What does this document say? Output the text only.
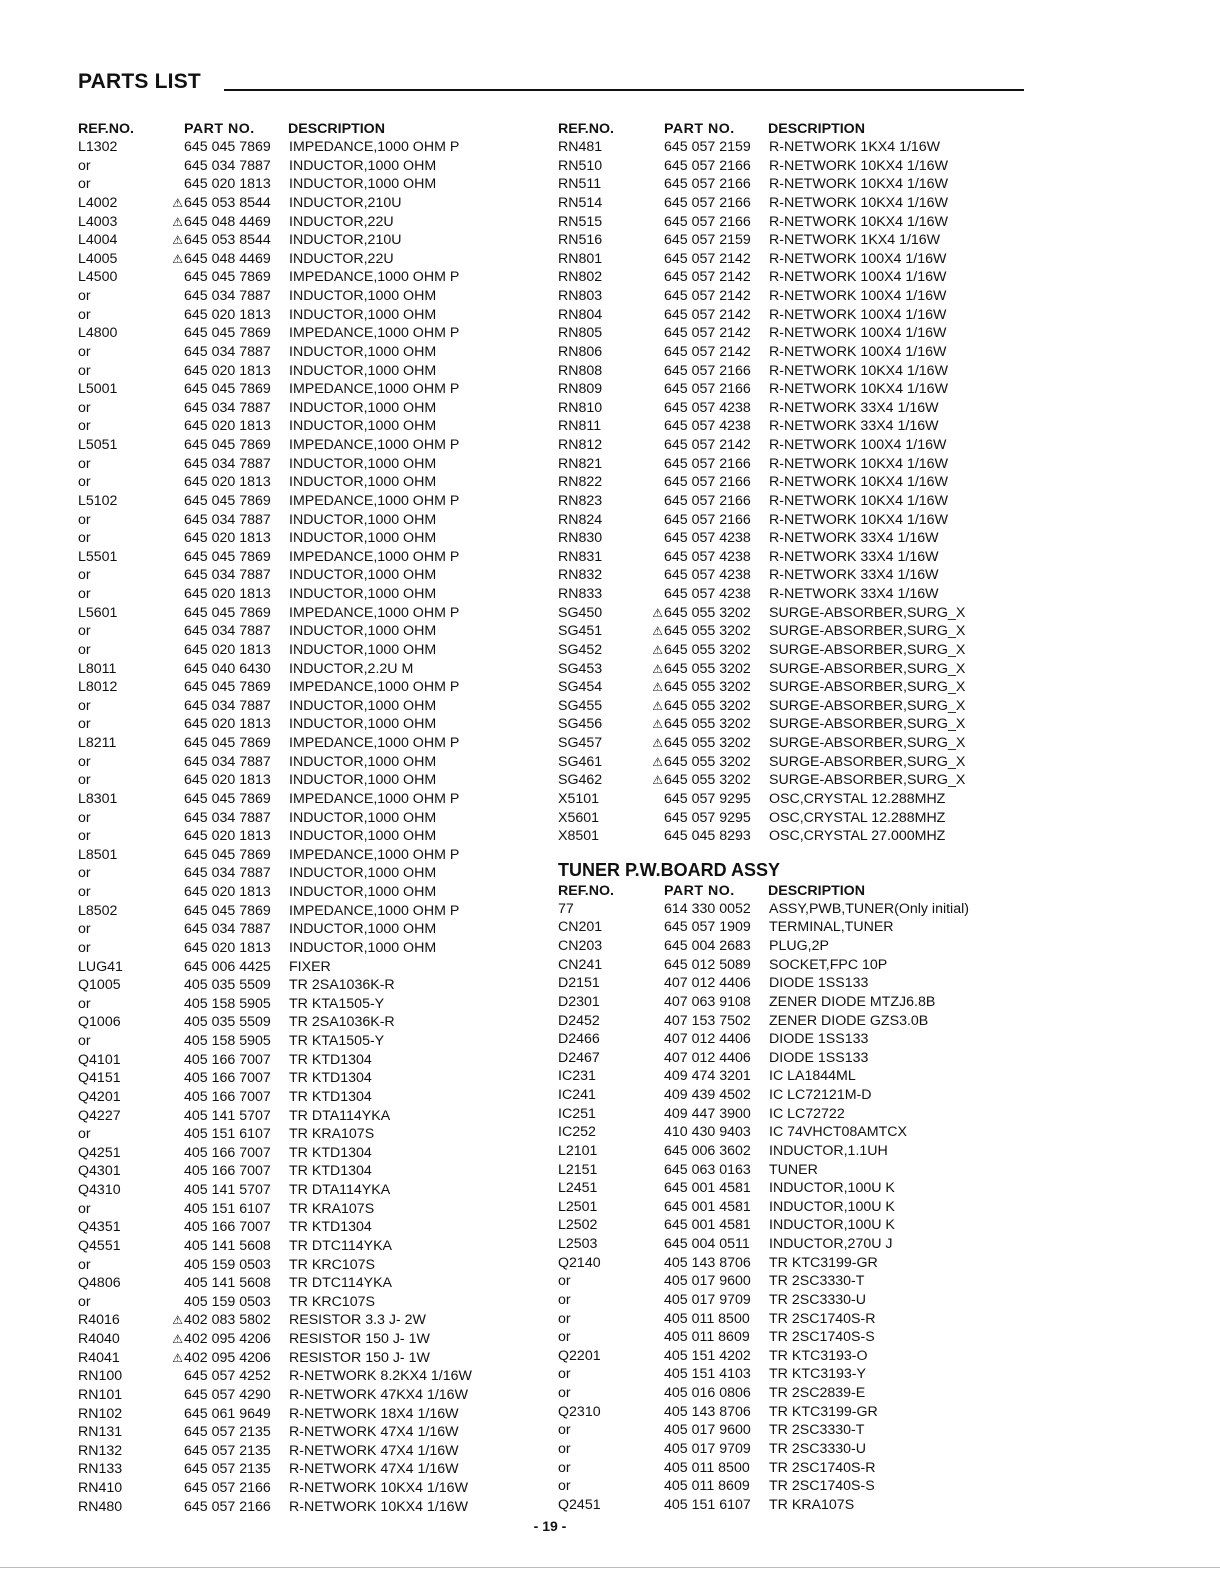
PARTS LIST
REF.NO.	PART NO.	DESCRIPTION
L1302	645 045 7869	IMPEDANCE,1000 OHM P
or	645 034 7887	INDUCTOR,1000 OHM
or	645 020 1813	INDUCTOR,1000 OHM
L4002	⚠ 645 053 8544	INDUCTOR,210U
L4003	⚠ 645 048 4469	INDUCTOR,22U
L4004	⚠ 645 053 8544	INDUCTOR,210U
L4005	⚠ 645 048 4469	INDUCTOR,22U
L4500	645 045 7869	IMPEDANCE,1000 OHM P
or	645 034 7887	INDUCTOR,1000 OHM
or	645 020 1813	INDUCTOR,1000 OHM
L4800	645 045 7869	IMPEDANCE,1000 OHM P
or	645 034 7887	INDUCTOR,1000 OHM
or	645 020 1813	INDUCTOR,1000 OHM
L5001	645 045 7869	IMPEDANCE,1000 OHM P
or	645 034 7887	INDUCTOR,1000 OHM
or	645 020 1813	INDUCTOR,1000 OHM
L5051	645 045 7869	IMPEDANCE,1000 OHM P
or	645 034 7887	INDUCTOR,1000 OHM
or	645 020 1813	INDUCTOR,1000 OHM
L5102	645 045 7869	IMPEDANCE,1000 OHM P
or	645 034 7887	INDUCTOR,1000 OHM
or	645 020 1813	INDUCTOR,1000 OHM
L5501	645 045 7869	IMPEDANCE,1000 OHM P
or	645 034 7887	INDUCTOR,1000 OHM
or	645 020 1813	INDUCTOR,1000 OHM
L5601	645 045 7869	IMPEDANCE,1000 OHM P
or	645 034 7887	INDUCTOR,1000 OHM
or	645 020 1813	INDUCTOR,1000 OHM
L8011	645 040 6430	INDUCTOR,2.2U M
L8012	645 045 7869	IMPEDANCE,1000 OHM P
or	645 034 7887	INDUCTOR,1000 OHM
or	645 020 1813	INDUCTOR,1000 OHM
L8211	645 045 7869	IMPEDANCE,1000 OHM P
or	645 034 7887	INDUCTOR,1000 OHM
or	645 020 1813	INDUCTOR,1000 OHM
L8301	645 045 7869	IMPEDANCE,1000 OHM P
or	645 034 7887	INDUCTOR,1000 OHM
or	645 020 1813	INDUCTOR,1000 OHM
L8501	645 045 7869	IMPEDANCE,1000 OHM P
or	645 034 7887	INDUCTOR,1000 OHM
or	645 020 1813	INDUCTOR,1000 OHM
L8502	645 045 7869	IMPEDANCE,1000 OHM P
or	645 034 7887	INDUCTOR,1000 OHM
or	645 020 1813	INDUCTOR,1000 OHM
LUG41	645 006 4425	FIXER
Q1005	405 035 5509	TR 2SA1036K-R
or	405 158 5905	TR KTA1505-Y
Q1006	405 035 5509	TR 2SA1036K-R
or	405 158 5905	TR KTA1505-Y
Q4101	405 166 7007	TR KTD1304
Q4151	405 166 7007	TR KTD1304
Q4201	405 166 7007	TR KTD1304
Q4227	405 141 5707	TR DTA114YKA
or	405 151 6107	TR KRA107S
Q4251	405 166 7007	TR KTD1304
Q4301	405 166 7007	TR KTD1304
Q4310	405 141 5707	TR DTA114YKA
or	405 151 6107	TR KRA107S
Q4351	405 166 7007	TR KTD1304
Q4551	405 141 5608	TR DTC114YKA
or	405 159 0503	TR KRC107S
Q4806	405 141 5608	TR DTC114YKA
or	405 159 0503	TR KRC107S
R4016	⚠ 402 083 5802	RESISTOR 3.3 J- 2W
R4040	⚠ 402 095 4206	RESISTOR 150 J- 1W
R4041	⚠ 402 095 4206	RESISTOR 150 J- 1W
RN100	645 057 4252	R-NETWORK 8.2KX4 1/16W
RN101	645 057 4290	R-NETWORK 47KX4 1/16W
RN102	645 061 9649	R-NETWORK 18X4 1/16W
RN131	645 057 2135	R-NETWORK 47X4 1/16W
RN132	645 057 2135	R-NETWORK 47X4 1/16W
RN133	645 057 2135	R-NETWORK 47X4 1/16W
RN410	645 057 2166	R-NETWORK 10KX4 1/16W
RN480	645 057 2166	R-NETWORK 10KX4 1/16W
REF.NO.	PART NO.	DESCRIPTION
RN481	645 057 2159	R-NETWORK 1KX4 1/16W
RN510	645 057 2166	R-NETWORK 10KX4 1/16W
RN511	645 057 2166	R-NETWORK 10KX4 1/16W
RN514	645 057 2166	R-NETWORK 10KX4 1/16W
RN515	645 057 2166	R-NETWORK 10KX4 1/16W
RN516	645 057 2159	R-NETWORK 1KX4 1/16W
RN801	645 057 2142	R-NETWORK 100X4 1/16W
RN802	645 057 2142	R-NETWORK 100X4 1/16W
RN803	645 057 2142	R-NETWORK 100X4 1/16W
RN804	645 057 2142	R-NETWORK 100X4 1/16W
RN805	645 057 2142	R-NETWORK 100X4 1/16W
RN806	645 057 2142	R-NETWORK 100X4 1/16W
RN808	645 057 2166	R-NETWORK 10KX4 1/16W
RN809	645 057 2166	R-NETWORK 10KX4 1/16W
RN810	645 057 4238	R-NETWORK 33X4 1/16W
RN811	645 057 4238	R-NETWORK 33X4 1/16W
RN812	645 057 2142	R-NETWORK 100X4 1/16W
RN821	645 057 2166	R-NETWORK 10KX4 1/16W
RN822	645 057 2166	R-NETWORK 10KX4 1/16W
RN823	645 057 2166	R-NETWORK 10KX4 1/16W
RN824	645 057 2166	R-NETWORK 10KX4 1/16W
RN830	645 057 4238	R-NETWORK 33X4 1/16W
RN831	645 057 4238	R-NETWORK 33X4 1/16W
RN832	645 057 4238	R-NETWORK 33X4 1/16W
RN833	645 057 4238	R-NETWORK 33X4 1/16W
SG450	⚠ 645 055 3202	SURGE-ABSORBER,SURG_X
SG451	⚠ 645 055 3202	SURGE-ABSORBER,SURG_X
SG452	⚠ 645 055 3202	SURGE-ABSORBER,SURG_X
SG453	⚠ 645 055 3202	SURGE-ABSORBER,SURG_X
SG454	⚠ 645 055 3202	SURGE-ABSORBER,SURG_X
SG455	⚠ 645 055 3202	SURGE-ABSORBER,SURG_X
SG456	⚠ 645 055 3202	SURGE-ABSORBER,SURG_X
SG457	⚠ 645 055 3202	SURGE-ABSORBER,SURG_X
SG461	⚠ 645 055 3202	SURGE-ABSORBER,SURG_X
SG462	⚠ 645 055 3202	SURGE-ABSORBER,SURG_X
X5101	645 057 9295	OSC,CRYSTAL 12.288MHZ
X5601	645 057 9295	OSC,CRYSTAL 12.288MHZ
X8501	645 045 8293	OSC,CRYSTAL 27.000MHZ
TUNER P.W.BOARD ASSY
REF.NO.	PART NO.	DESCRIPTION
77	614 330 0052	ASSY,PWB,TUNER(Only initial)
CN201	645 057 1909	TERMINAL,TUNER
CN203	645 004 2683	PLUG,2P
CN241	645 012 5089	SOCKET,FPC 10P
D2151	407 012 4406	DIODE 1SS133
D2301	407 063 9108	ZENER DIODE MTZJ6.8B
D2452	407 153 7502	ZENER DIODE GZS3.0B
D2466	407 012 4406	DIODE 1SS133
D2467	407 012 4406	DIODE 1SS133
IC231	409 474 3201	IC LA1844ML
IC241	409 439 4502	IC LC72121M-D
IC251	409 447 3900	IC LC72722
IC252	410 430 9403	IC 74VHCT08AMTCX
L2101	645 006 3602	INDUCTOR,1.1UH
L2151	645 063 0163	TUNER
L2451	645 001 4581	INDUCTOR,100U K
L2501	645 001 4581	INDUCTOR,100U K
L2502	645 001 4581	INDUCTOR,100U K
L2503	645 004 0511	INDUCTOR,270U J
Q2140	405 143 8706	TR KTC3199-GR
or	405 017 9600	TR 2SC3330-T
or	405 017 9709	TR 2SC3330-U
or	405 011 8500	TR 2SC1740S-R
or	405 011 8609	TR 2SC1740S-S
Q2201	405 151 4202	TR KTC3193-O
or	405 151 4103	TR KTC3193-Y
or	405 016 0806	TR 2SC2839-E
Q2310	405 143 8706	TR KTC3199-GR
or	405 017 9600	TR 2SC3330-T
or	405 017 9709	TR 2SC3330-U
or	405 011 8500	TR 2SC1740S-R
or	405 011 8609	TR 2SC1740S-S
Q2451	405 151 6107	TR KRA107S
- 19 -
